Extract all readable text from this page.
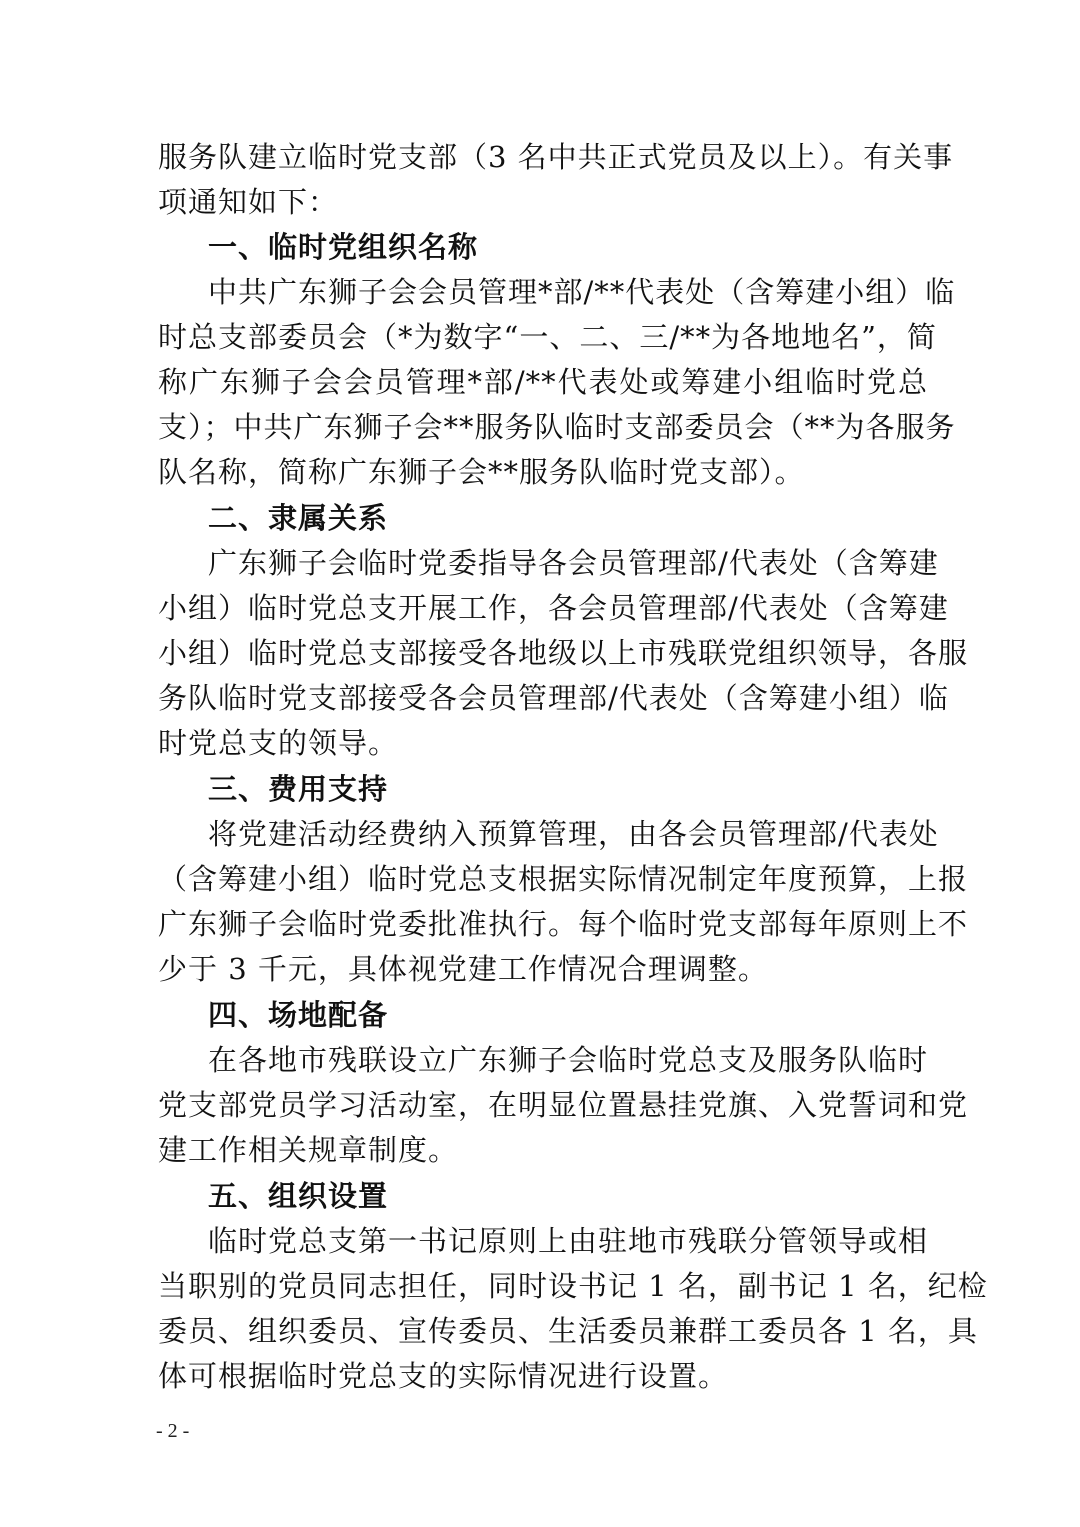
服务队建立临时党支部（3 名中共正式党员及以上）。有关事
项通知如下：
一、临时党组织名称
中共广东狮子会会员管理*部/**代表处（含筹建小组）临
时总支部委员会（*为数字“一、二、三/**为各地地名”，简
称广东狮子会会员管理*部/**代表处或筹建小组临时党总
支）；中共广东狮子会**服务队临时支部委员会（**为各服务
队名称，简称广东狮子会**服务队临时党支部）。
二、隶属关系
广东狮子会临时党委指导各会员管理部/代表处（含筹建
小组）临时党总支开展工作，各会员管理部/代表处（含筹建
小组）临时党总支部接受各地级以上市残联党组织领导，各服
务队临时党支部接受各会员管理部/代表处（含筹建小组）临
时党总支的领导。
三、费用支持
将党建活动经费纳入预算管理，由各会员管理部/代表处
（含筹建小组）临时党总支根据实际情况制定年度预算，上报
广东狮子会临时党委批准执行。每个临时党支部每年原则上不
少于 3 千元，具体视党建工作情况合理调整。
四、场地配备
在各地市残联设立广东狮子会临时党总支及服务队临时
党支部党员学习活动室，在明显位置悬挂党旗、入党誓词和党
建工作相关规章制度。
五、组织设置
临时党总支第一书记原则上由驻地市残联分管领导或相
当职别的党员同志担任，同时设书记 1 名，副书记 1 名，纪检
委员、组织委员、宣传委员、生活委员兼群工委员各 1 名，具
体可根据临时党总支的实际情况进行设置。
- 2 -
